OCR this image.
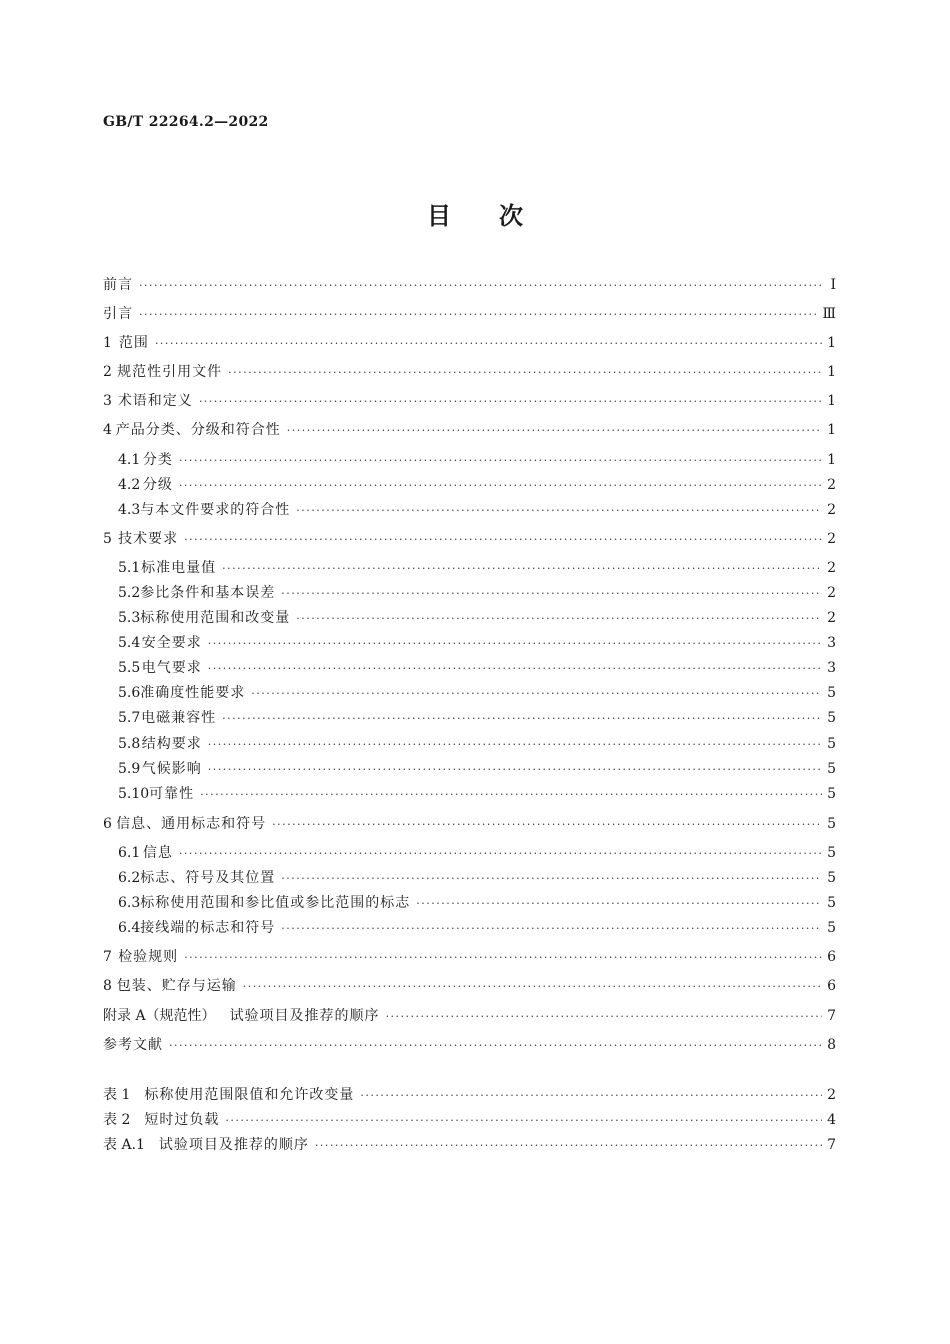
GB/T 22264.2—2022
目 次
前言 ·····	Ⅰ
引言 ·····	Ⅲ
1 范围 ·····	1
2 规范性引用文件 ·····	1
3 术语和定义 ·····	1
4 产品分类、分级和符合性 ·····	1
4.1 分类 ·····	1
4.2 分级 ·····	2
4.3 与本文件要求的符合性 ·····	2
5 技术要求 ·····	2
5.1 标准电量值 ·····	2
5.2 参比条件和基本误差 ·····	2
5.3 标称使用范围和改变量 ·····	2
5.4 安全要求 ·····	3
5.5 电气要求 ·····	3
5.6 准确度性能要求 ·····	5
5.7 电磁兼容性 ·····	5
5.8 结构要求 ·····	5
5.9 气候影响 ·····	5
5.10 可靠性 ·····	5
6 信息、通用标志和符号 ·····	5
6.1 信息 ·····	5
6.2 标志、符号及其位置 ·····	5
6.3 标称使用范围和参比值或参比范围的标志 ·····	5
6.4 接线端的标志和符号 ·····	5
7 检验规则 ·····	6
8 包装、贮存与运输 ·····	6
附录 A（规范性） 试验项目及推荐的顺序 ·····	7
参考文献 ·····	8
表 1 标称使用范围限值和允许改变量 ·····	2
表 2 短时过负载 ·····	4
表 A.1 试验项目及推荐的顺序 ·····	7
